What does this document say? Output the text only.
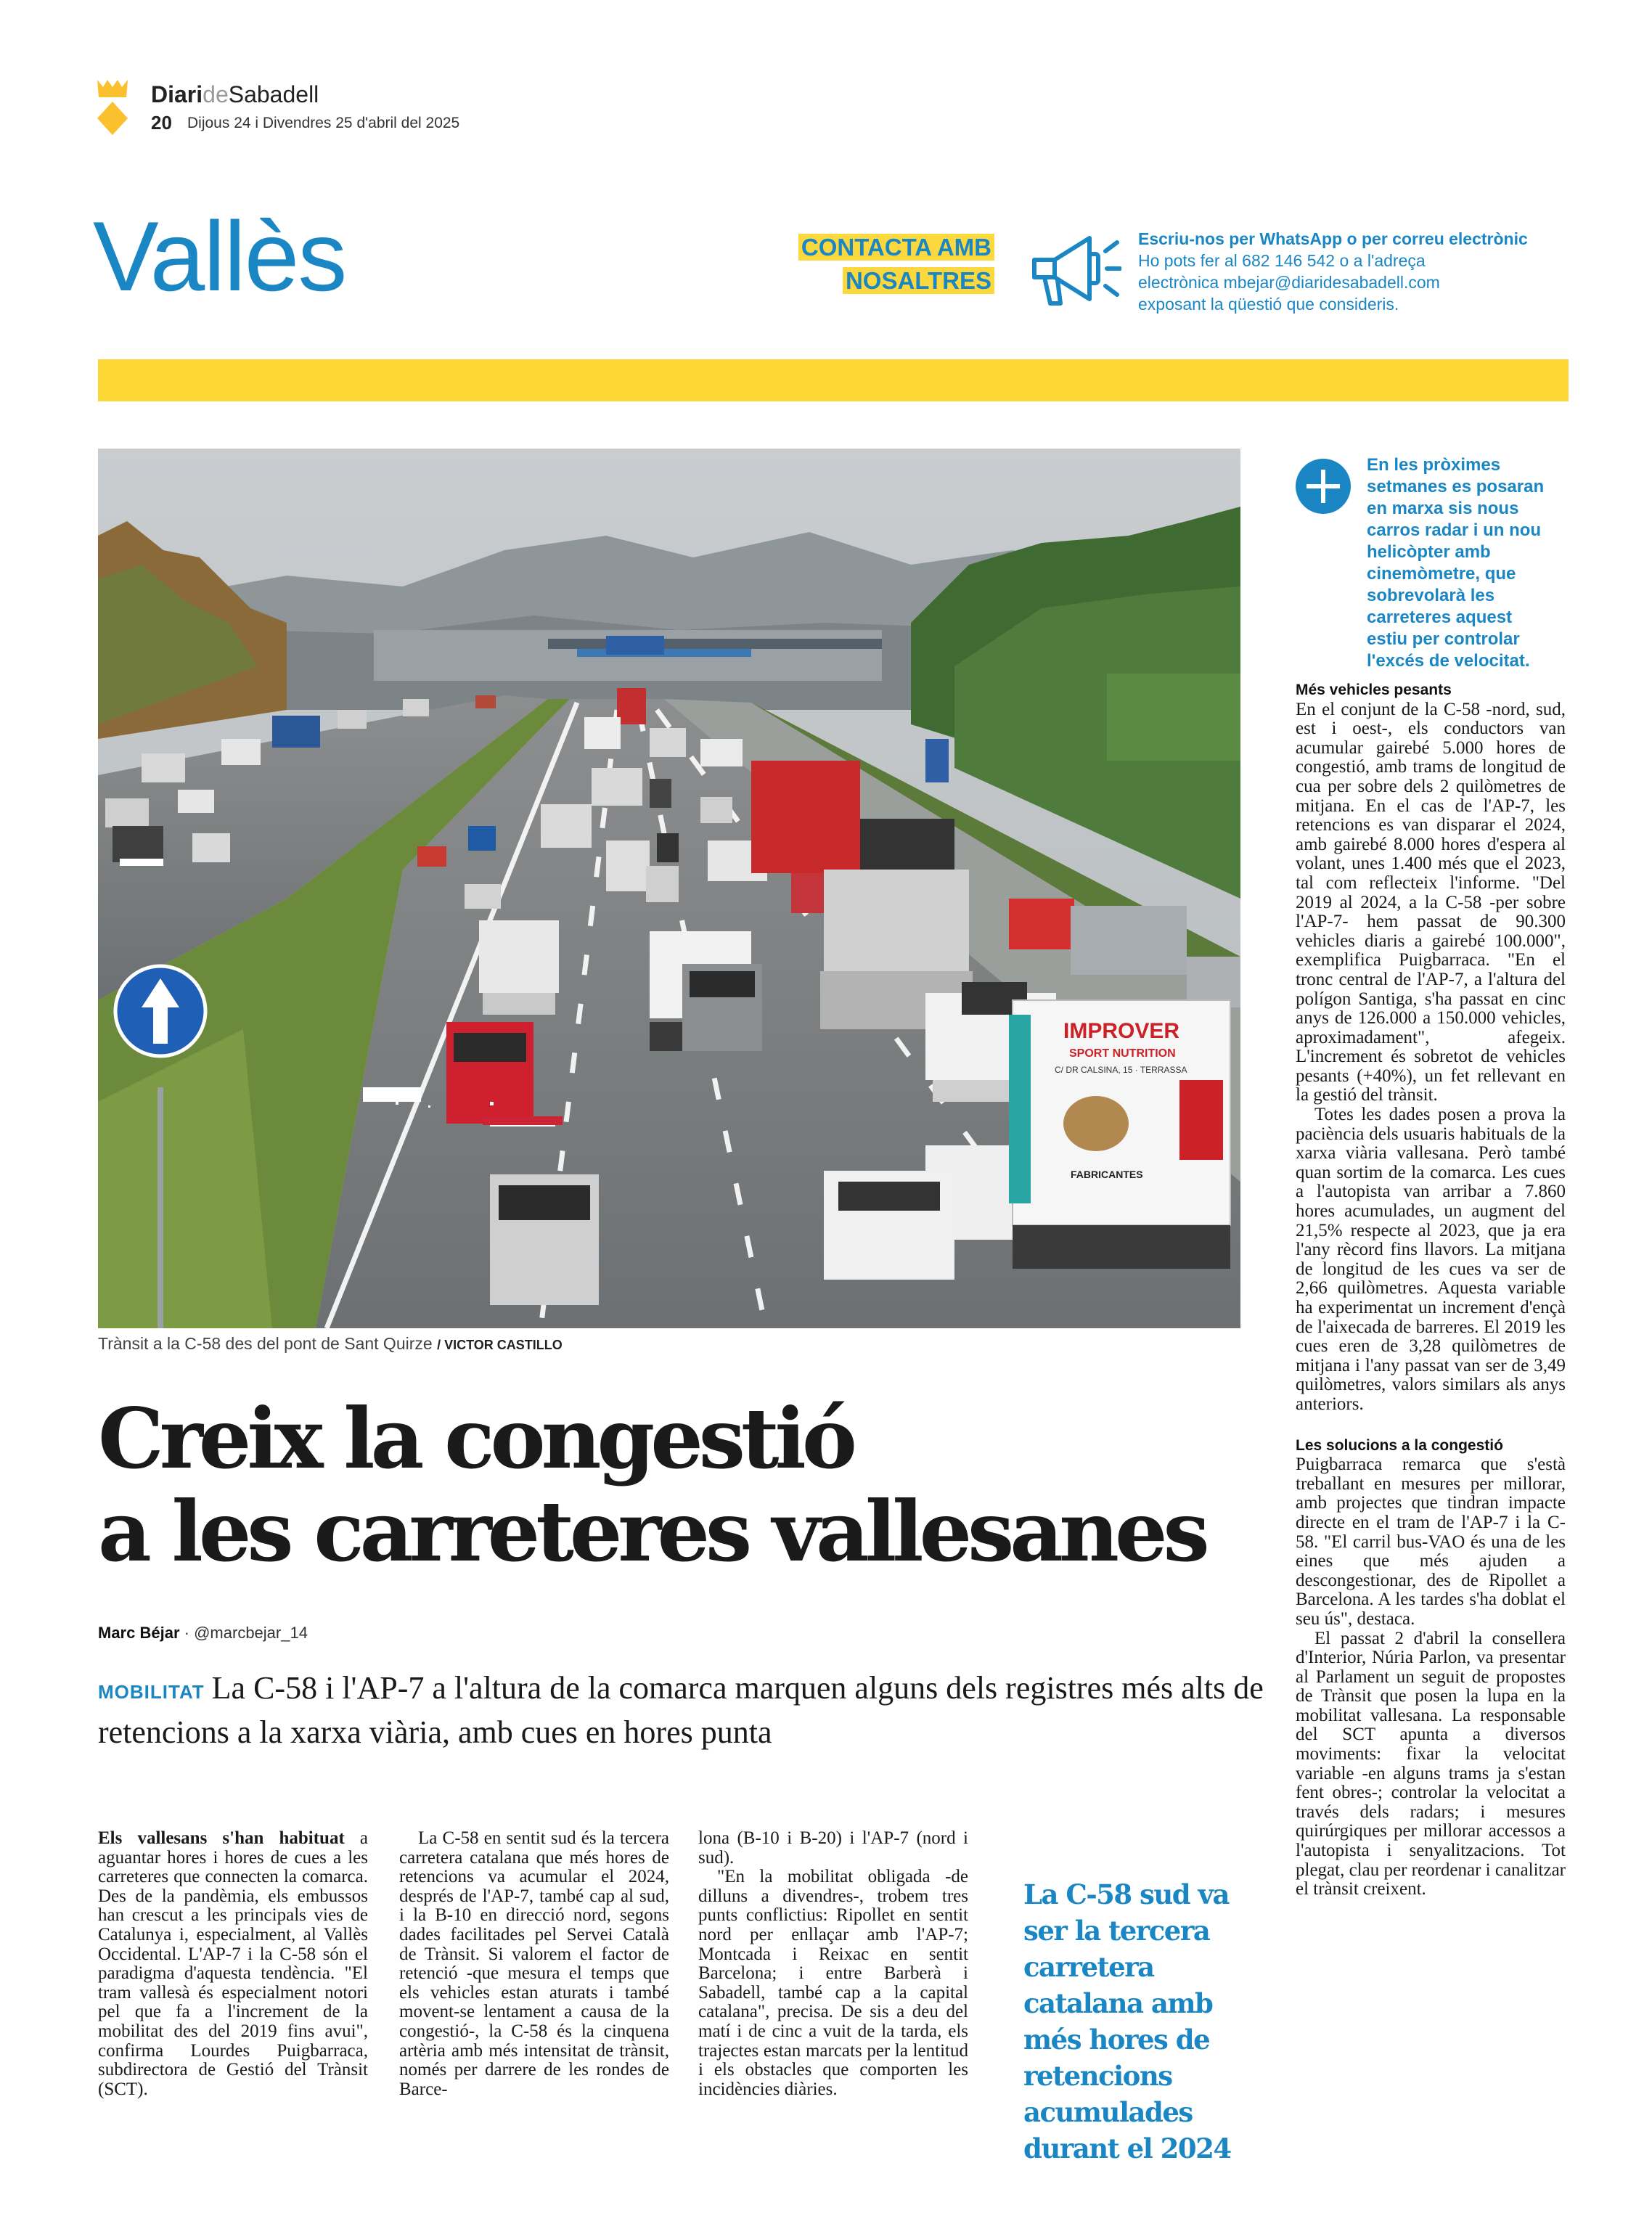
DiarideSabadell
20 Dijous 24 i Divendres 25 d'abril del 2025
Vallès	CONTACTA AMB
NOSALTRES
Escriu-nos per WhatsApp o per correu electrònic
Ho pots fer al 682 146 542 o a l'adreça
electrònica mbejar@diaridesabadell.com
exposant la qüestió que consideris.
IMPROVER
SPORT NUTRITION
C/ DR CALSINA, 15 · TERRASSA
FABRICANTES
Trànsit a la C-58 des del pont de Sant Quirze / VICTOR CASTILLO
En les pròximes setmanes es posaran en marxa sis nous carros radar i un nou helicòpter amb cinemòmetre, que sobrevolarà les carreteres aquest estiu per controlar l'excés de velocitat.
Més vehicles pesants

En el conjunt de la C-58 -nord, sud, est i oest-, els conductors van acumular gairebé 5.000 hores de congestió, amb trams de longitud de cua per sobre dels 2 quilòmetres de mitjana. En el cas de l'AP-7, les retencions es van disparar el 2024, amb gairebé 8.000 hores d'espera al volant, unes 1.400 més que el 2023, tal com reflecteix l'informe. "Del 2019 al 2024, a la C-58 -per sobre l'AP-7- hem passat de 90.300 vehicles diaris a gairebé 100.000", exemplifica Puigbarraca. "En el tronc central de l'AP-7, a l'altura del polígon Santiga, s'ha passat en cinc anys de 126.000 a 150.000 vehicles, aproximadament", afegeix. L'increment és sobretot de vehicles pesants (+40%), un fet rellevant en la gestió del trànsit.

Totes les dades posen a prova la paciència dels usuaris habituals de la xarxa viària vallesana. Però també quan sortim de la comarca. Les cues a l'autopista van arribar a 7.860 hores acumulades, un augment del 21,5% respecte al 2023, que ja era l'any rècord fins llavors. La mitjana de longitud de les cues va ser de 2,66 quilòmetres. Aquesta variable ha experimentat un increment d'ençà de l'aixecada de barreres. El 2019 les cues eren de 3,28 quilòmetres de mitjana i l'any passat van ser de 3,49 quilòmetres, valors similars als anys anteriors.

Les solucions a la congestió

Puigbarraca remarca que s'està treballant en mesures per millorar, amb projectes que tindran impacte directe en el tram de l'AP-7 i la C-58. "El carril bus-VAO és una de les eines que més ajuden a descongestionar, des de Ripollet a Barcelona. A les tardes s'ha doblat el seu ús", destaca.

El passat 2 d'abril la consellera d'Interior, Núria Parlon, va presentar al Parlament un seguit de propostes de Trànsit que posen la lupa en la mobilitat vallesana. La responsable del SCT apunta a diversos moviments: fixar la velocitat variable -en alguns trams ja s'estan fent obres-; controlar la velocitat a través dels radars; i mesures quirúrgiques per millorar accessos a l'autopista i senyalitzacions. Tot plegat, clau per reordenar i canalitzar el trànsit creixent.

Creix la congestió
a les carreteres vallesanes
Marc Béjar · @marcbejar_14
MOBILITAT La C-58 i l'AP-7 a l'altura de la comarca marquen alguns dels registres més alts de retencions a la xarxa viària, amb cues en hores punta

Els vallesans s'han habituat a aguantar hores i hores de cues a les carreteres que connecten la comarca. Des de la pandèmia, els embussos han crescut a les principals vies de Catalunya i, especialment, al Vallès Occidental. L'AP-7 i la C-58 són el paradigma d'aquesta tendència. "El tram vallesà és especialment notori pel que fa a l'increment de la mobilitat des del 2019 fins avui", confirma Lourdes Puigbarraca, subdirectora de Gestió del Trànsit (SCT).

La C-58 en sentit sud és la tercera carretera catalana que més hores de retencions va acumular el 2024, després de l'AP-7, també cap al sud, i la B-10 en direcció nord, segons dades facilitades pel Servei Català de Trànsit. Si valorem el factor de retenció -que mesura el temps que els vehicles estan aturats i també movent-se lentament a causa de la congestió-, la C-58 és la cinquena artèria amb més intensitat de trànsit, només per darrere de les rondes de Barce-

lona (B-10 i B-20) i l'AP-7 (nord i sud).

"En la mobilitat obligada -de dilluns a divendres-, trobem tres punts conflictius: Ripollet en sentit nord per enllaçar amb l'AP-7; Montcada i Reixac en sentit Barcelona; i entre Barberà i Sabadell, també cap a la capital catalana", precisa. De sis a deu del matí i de cinc a vuit de la tarda, els trajectes estan marcats per la lentitud i els obstacles que comporten les incidències diàries.

La C-58 sud va ser la tercera carretera catalana amb més hores de retencions acumulades durant el 2024
